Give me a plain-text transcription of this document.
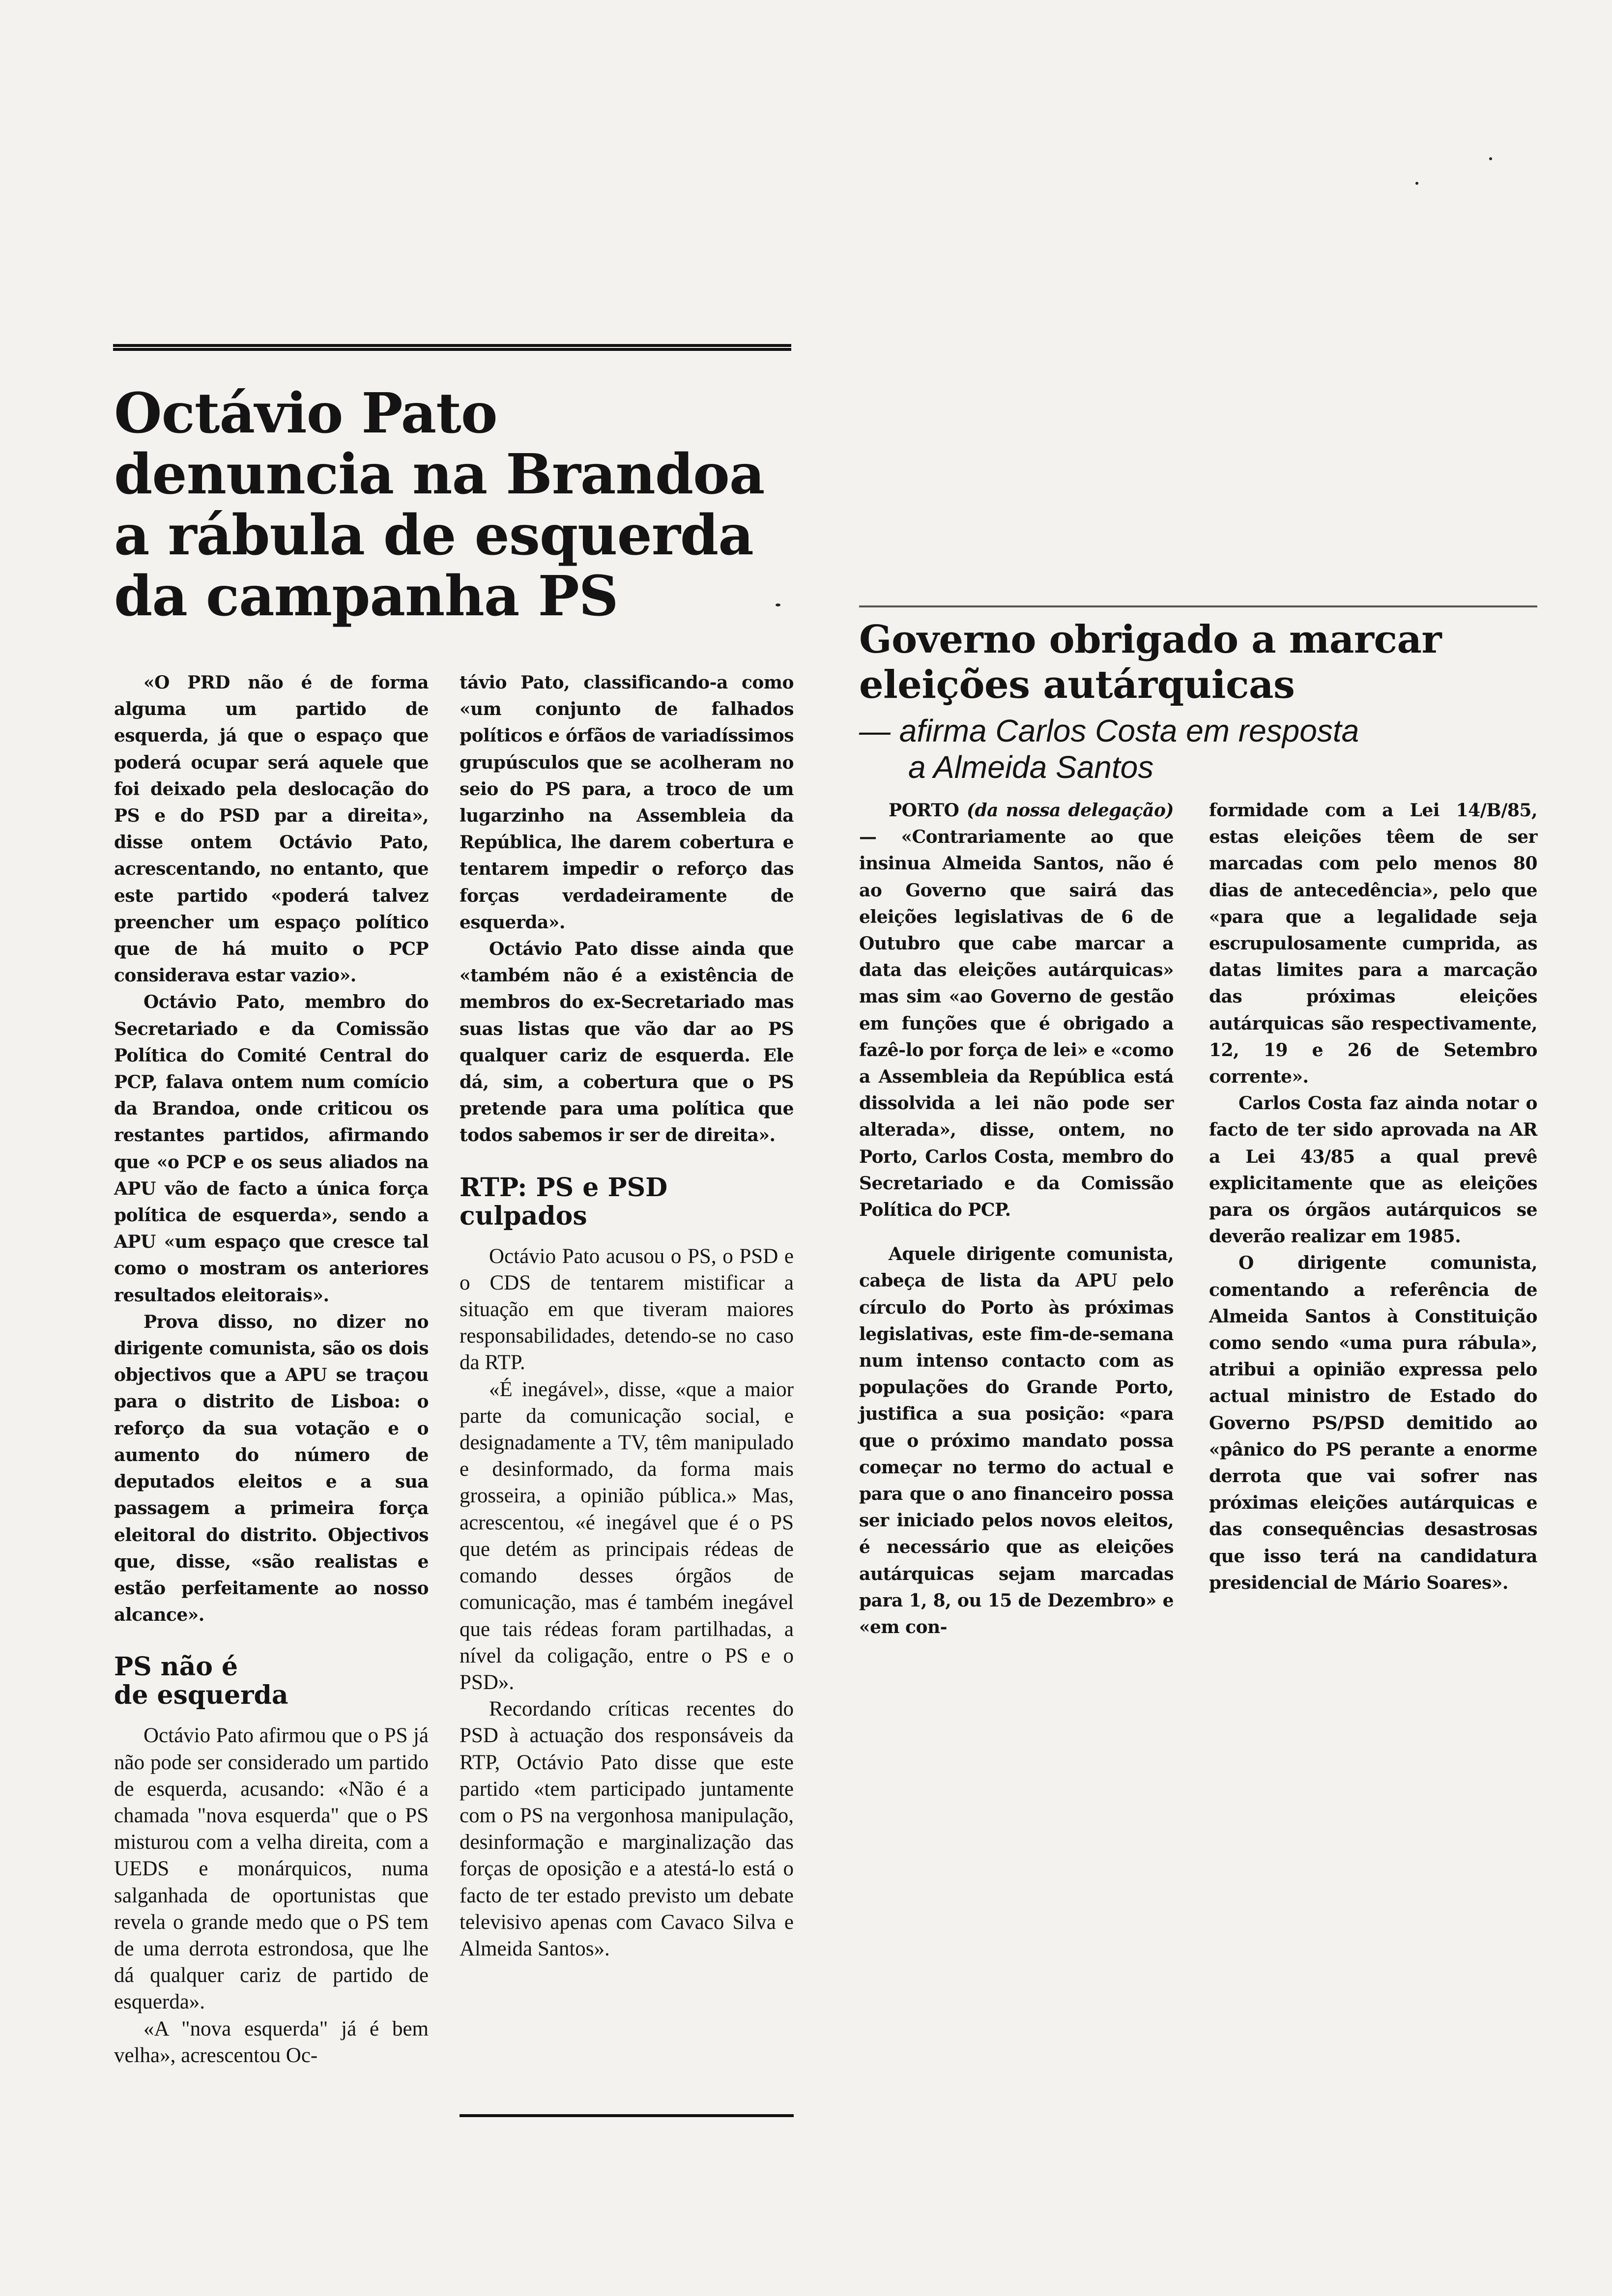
Octávio Pato
denuncia na Brandoa
a rábula de esquerda
da campanha PS

«O PRD não é de forma alguma um partido de esquerda, já que o espaço que poderá ocupar será aquele que foi deixado pela deslocação do PS e do PSD par a direita», disse ontem Octávio Pato, acrescentando, no entanto, que este partido «poderá talvez preencher um espaço político que de há muito o PCP considerava estar vazio».

Octávio Pato, membro do Secretariado e da Comissão Política do Comité Central do PCP, falava ontem num comício da Brandoa, onde criticou os restantes partidos, afirmando que «o PCP e os seus aliados na APU vão de facto a única força política de esquerda», sendo a APU «um espaço que cresce tal como o mostram os anteriores resultados eleitorais».

Prova disso, no dizer no dirigente comunista, são os dois objectivos que a APU se traçou para o distrito de Lisboa: o reforço da sua votação e o aumento do número de deputados eleitos e a sua passagem a primeira força eleitoral do distrito. Objectivos que, disse, «são realistas e estão perfeitamente ao nosso alcance».

PS não é
de esquerda

Octávio Pato afirmou que o PS já não pode ser considerado um partido de esquerda, acusando: «Não é a chamada "nova esquerda" que o PS misturou com a velha direita, com a UEDS e monárquicos, numa salganhada de oportunistas que revela o grande medo que o PS tem de uma derrota estrondosa, que lhe dá qualquer cariz de partido de esquerda».

«A "nova esquerda" já é bem velha», acrescentou Oc-

távio Pato, classificando-a como «um conjunto de falhados políticos e órfãos de variadíssimos grupúsculos que se acolheram no seio do PS para, a troco de um lugarzinho na Assembleia da República, lhe darem cobertura e tentarem impedir o reforço das forças verdadeiramente de esquerda».

Octávio Pato disse ainda que «também não é a existência de membros do ex-Secretariado mas suas listas que vão dar ao PS qualquer cariz de esquerda. Ele dá, sim, a cobertura que o PS pretende para uma política que todos sabemos ir ser de direita».

RTP: PS e PSD
culpados

Octávio Pato acusou o PS, o PSD e o CDS de tentarem mistificar a situação em que tiveram maiores responsabilidades, detendo-se no caso da RTP.

«É inegável», disse, «que a maior parte da comunicação social, e designadamente a TV, têm manipulado e desinformado, da forma mais grosseira, a opinião pública.» Mas, acrescentou, «é inegável que é o PS que detém as principais rédeas de comando desses órgãos de comunicação, mas é também inegável que tais rédeas foram partilhadas, a nível da coligação, entre o PS e o PSD».

Recordando críticas recentes do PSD à actuação dos responsáveis da RTP, Octávio Pato disse que este partido «tem participado juntamente com o PS na vergonhosa manipulação, desinformação e marginalização das forças de oposição e a atestá-lo está o facto de ter estado previsto um debate televisivo apenas com Cavaco Silva e Almeida Santos».

Governo obrigado a marcar
eleições autárquicas
— afirma Carlos Costa em resposta
a Almeida Santos

PORTO (da nossa delegação) — «Contrariamente ao que insinua Almeida Santos, não é ao Governo que sairá das eleições legislativas de 6 de Outubro que cabe marcar a data das eleições autárquicas» mas sim «ao Governo de gestão em funções que é obrigado a fazê-lo por força de lei» e «como a Assembleia da República está dissolvida a lei não pode ser alterada», disse, ontem, no Porto, Carlos Costa, membro do Secretariado e da Comissão Política do PCP.

Aquele dirigente comunista, cabeça de lista da APU pelo círculo do Porto às próximas legislativas, este fim-de-semana num intenso contacto com as populações do Grande Porto, justifica a sua posição: «para que o próximo mandato possa começar no termo do actual e para que o ano financeiro possa ser iniciado pelos novos eleitos, é necessário que as eleições autárquicas sejam marcadas para 1, 8, ou 15 de Dezembro» e «em con-

formidade com a Lei 14/B/85, estas eleições têem de ser marcadas com pelo menos 80 dias de antecedência», pelo que «para que a legalidade seja escrupulosamente cumprida, as datas limites para a marcação das próximas eleições autárquicas são respectivamente, 12, 19 e 26 de Setembro corrente».

Carlos Costa faz ainda notar o facto de ter sido aprovada na AR a Lei 43/85 a qual prevê explicitamente que as eleições para os órgãos autárquicos se deverão realizar em 1985.

O dirigente comunista, comentando a referência de Almeida Santos à Constituição como sendo «uma pura rábula», atribui a opinião expressa pelo actual ministro de Estado do Governo PS/PSD demitido ao «pânico do PS perante a enorme derrota que vai sofrer nas próximas eleições autárquicas e das consequências desastrosas que isso terá na candidatura presidencial de Mário Soares».
